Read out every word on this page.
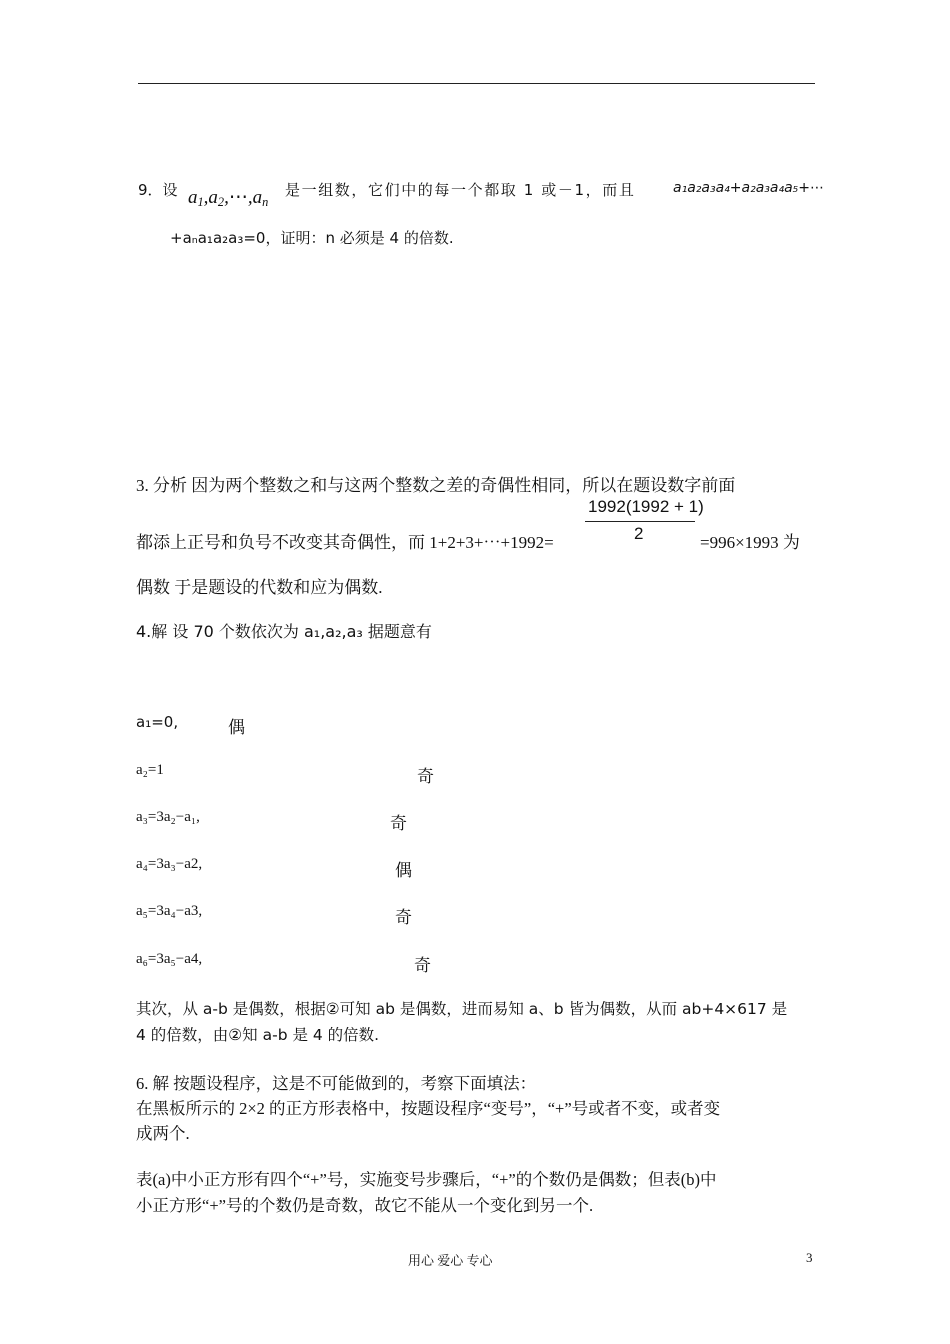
9．设 $a_1,a_2,\cdots,a_n$
是一组数，它们中的每一个都取 1 或－1，而且	a₁a₂a₃a₄+a₂a₃a₄a₅+⋯
+aₙa₁a₂a₃=0，证明：n 必须是 4 的倍数.
3. 分析 因为两个整数之和与这两个整数之差的奇偶性相同，所以在题设数字前面
都添上正号和负号不改变其奇偶性，而 1+2+3+⋯+1992=
1992(1992 + 1)
2	=996×1993 为
偶数 于是题设的代数和应为偶数.
4.解 设 70 个数依次为 a₁,a₂,a₃ 据题意有
a₁=0,	偶
a₂=1	奇
a₃=3a₂−a₁,	奇
a₄=3a₃−a2,	偶
a₅=3a₄−a3,	奇
a₆=3a₅−a4,	奇
其次，从 a-b 是偶数，根据②可知 ab 是偶数，进而易知 a、b 皆为偶数，从而 ab+4×617 是
4 的倍数，由②知 a-b 是 4 的倍数.
6. 解 按题设程序，这是不可能做到的，考察下面填法：
在黑板所示的 2×2 的正方形表格中，按题设程序“变号”，“+”号或者不变，或者变
成两个.
表(a)中小正方形有四个“+”号，实施变号步骤后，“+”的个数仍是偶数；但表(b)中
小正方形“+”号的个数仍是奇数，故它不能从一个变化到另一个.
用心 爱心 专心	3
